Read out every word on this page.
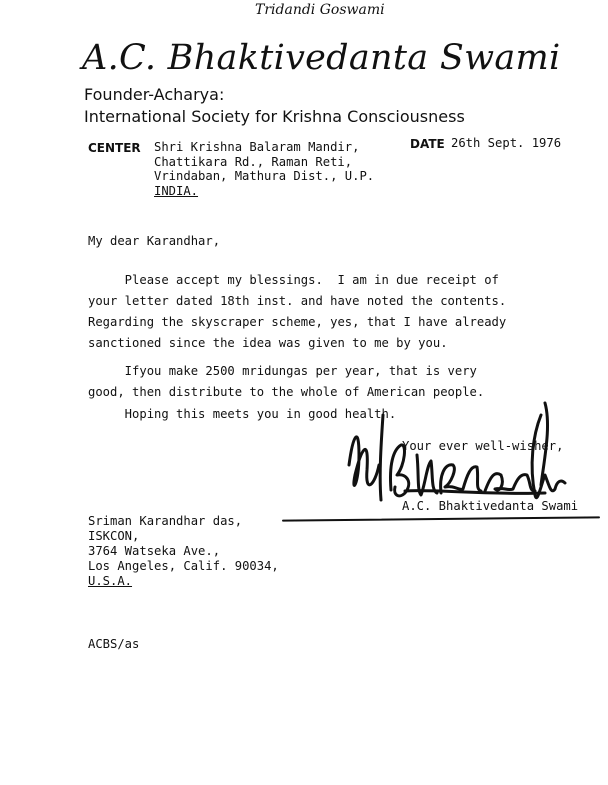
Tridandi Goswami
A.C. Bhaktivedanta Swami
Founder-Acharya:
International Society for Krishna Consciousness
CENTER Shri Krishna Balaram Mandir,
Chattikara Rd., Raman Reti,
Vrindaban, Mathura Dist., U.P.
INDIA.
DATE 26th Sept. 1976
My dear Karandhar,
Please accept my blessings.  I am in due receipt of
your letter dated 18th inst. and have noted the contents.
Regarding the skyscraper scheme, yes, that I have already
sanctioned since the idea was given to me by you.
Ifyou make 2500 mridungas per year, that is very
good, then distribute to the whole of American people.
Hoping this meets you in good health.
Your ever well-wisher,
A.C. Bhaktivedanta Swami
Sriman Karandhar das,
ISKCON,
3764 Watseka Ave.,
Los Angeles, Calif. 90034,
U.S.A.
ACBS/as
